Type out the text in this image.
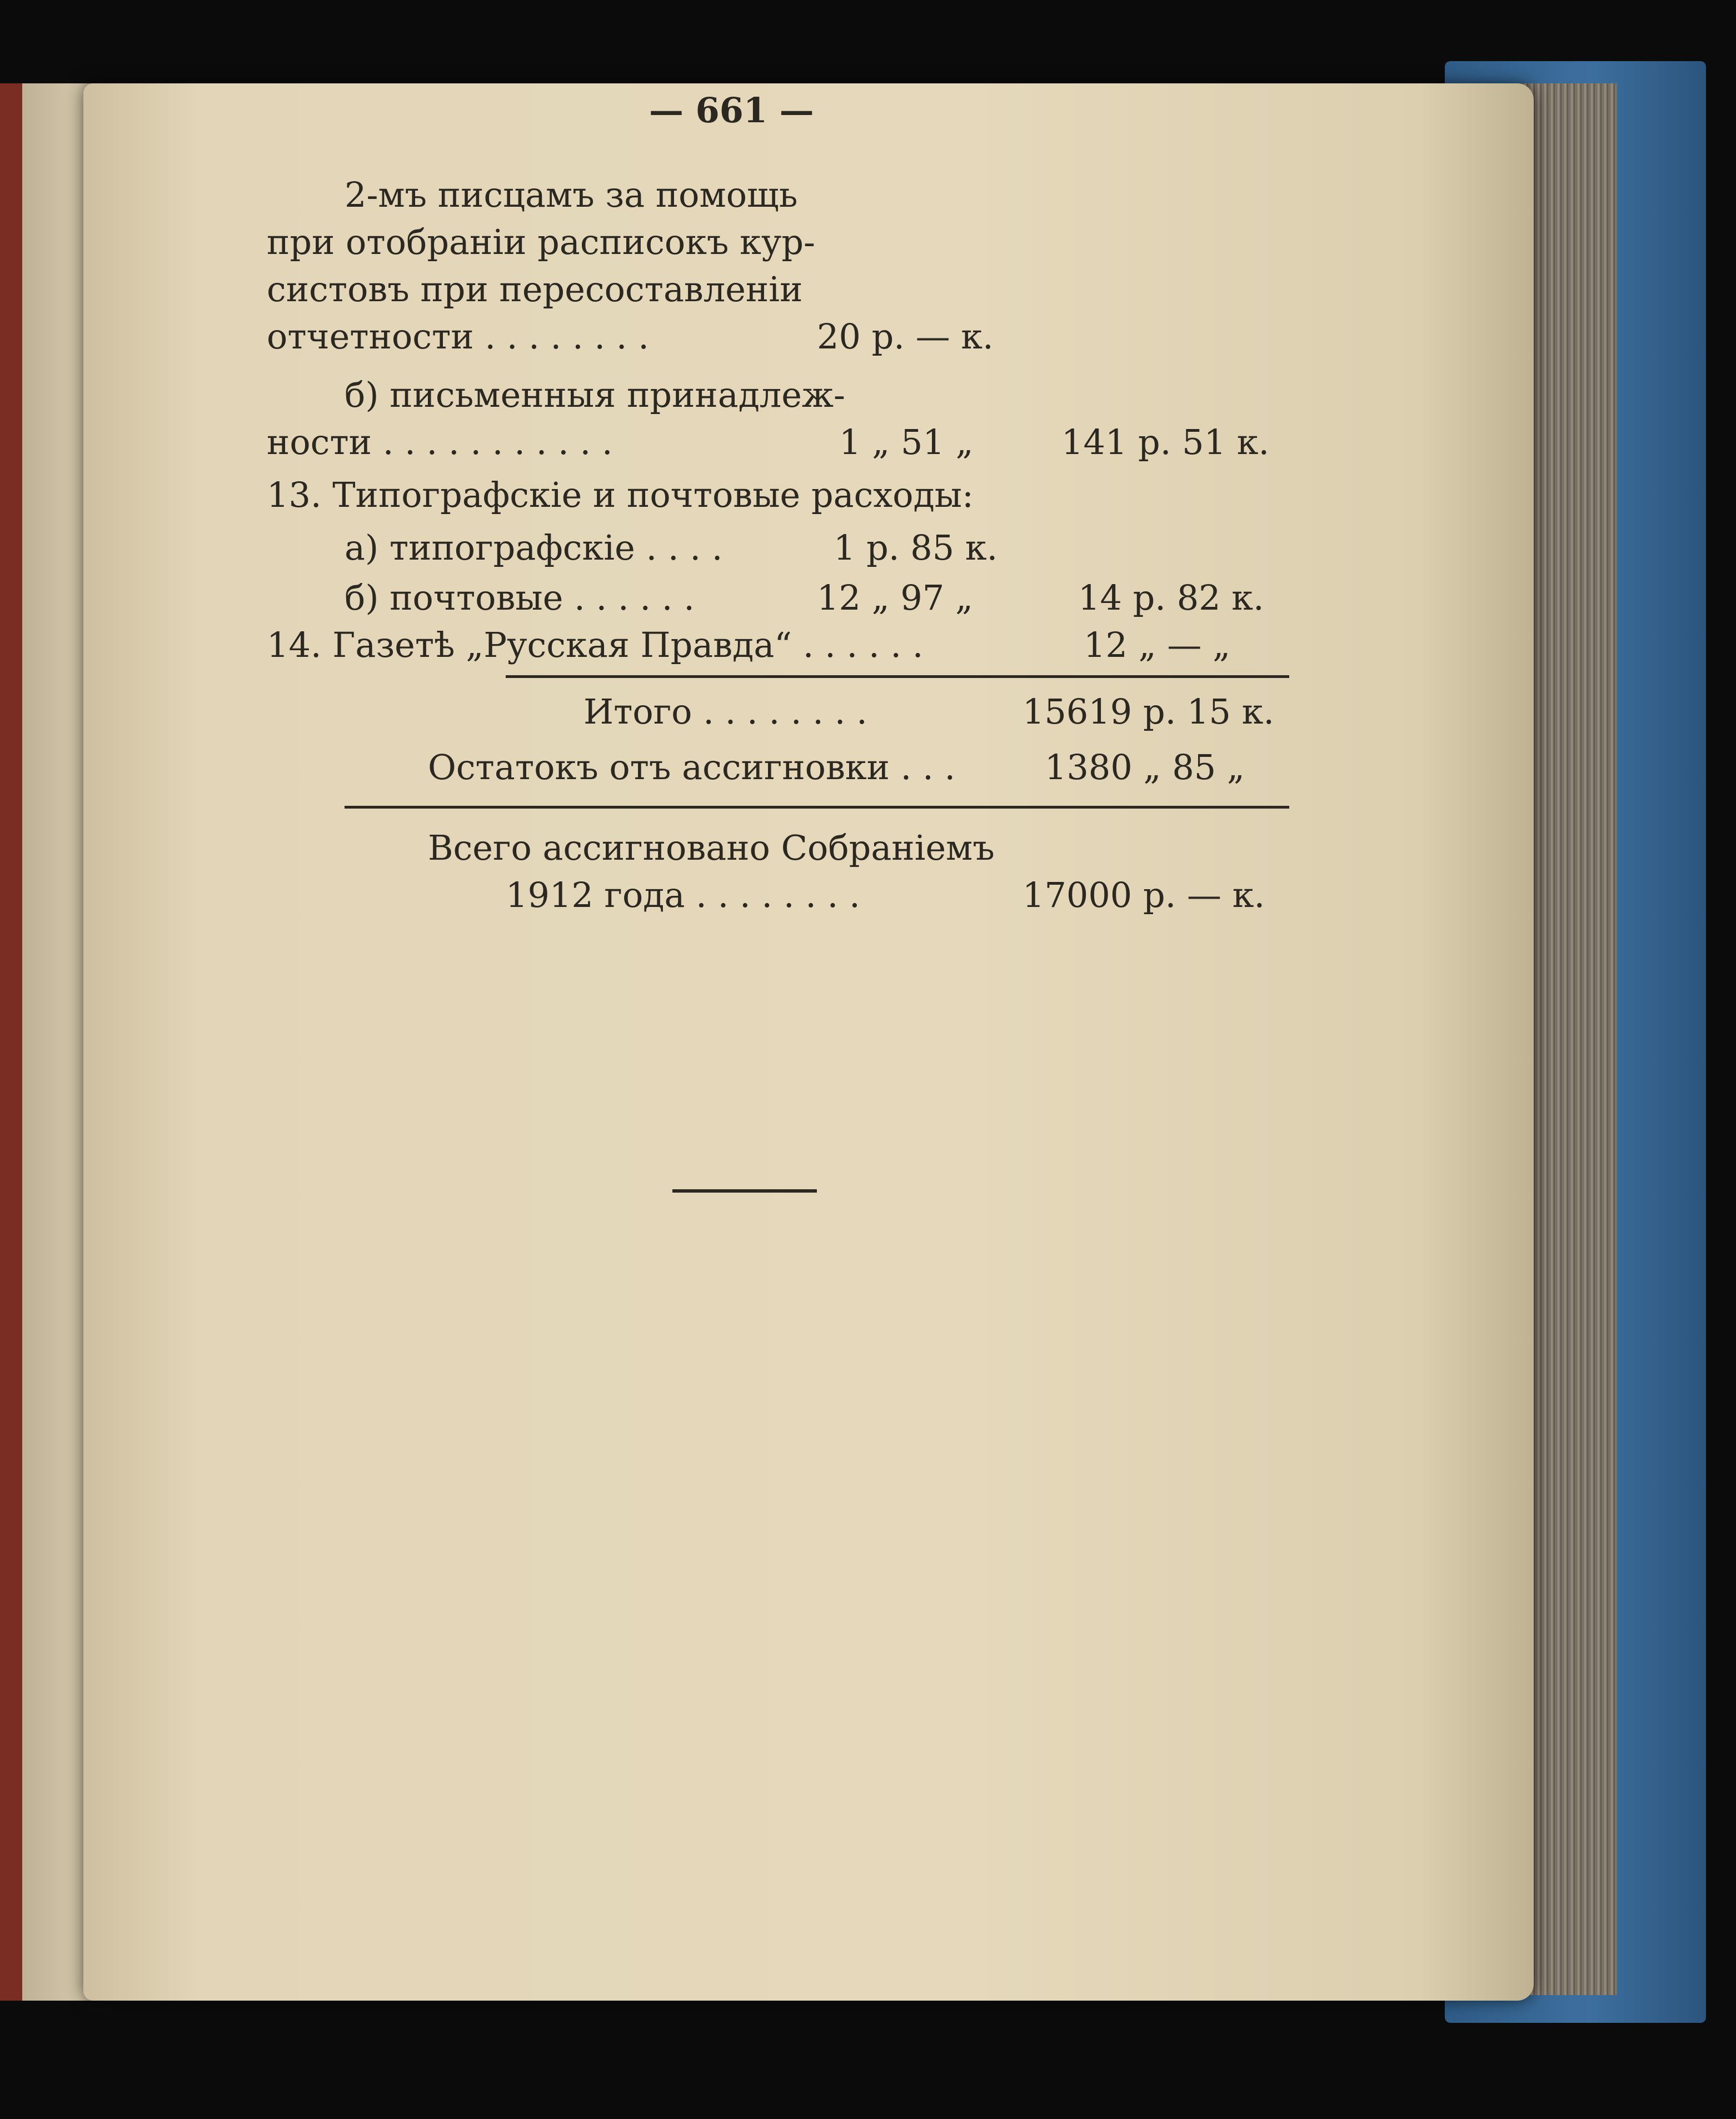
— 661 —
2-мъ писцамъ за помощь
при отобраніи расписокъ кур-
систовъ при пересоставленіи
отчетности . . . . . . . .	20 р. — к.
б) письменныя принадлеж-
ности . . . . . . . . . . .	1 „ 51 „	141 р. 51 к.
13. Типографскіе и почтовые расходы:
а) типографскіе . . . .	1 р. 85 к.
б) почтовые . . . . . .	12 „ 97 „	14 р. 82 к.
14. Газетѣ „Русская Правда“ . . . . . .	12 „ — „
Итого . . . . . . . .	15619 р. 15 к.
Остатокъ отъ ассигновки . . .	1380 „ 85 „
Всего ассигновано Собраніемъ
1912 года . . . . . . . .	17000 р. — к.
